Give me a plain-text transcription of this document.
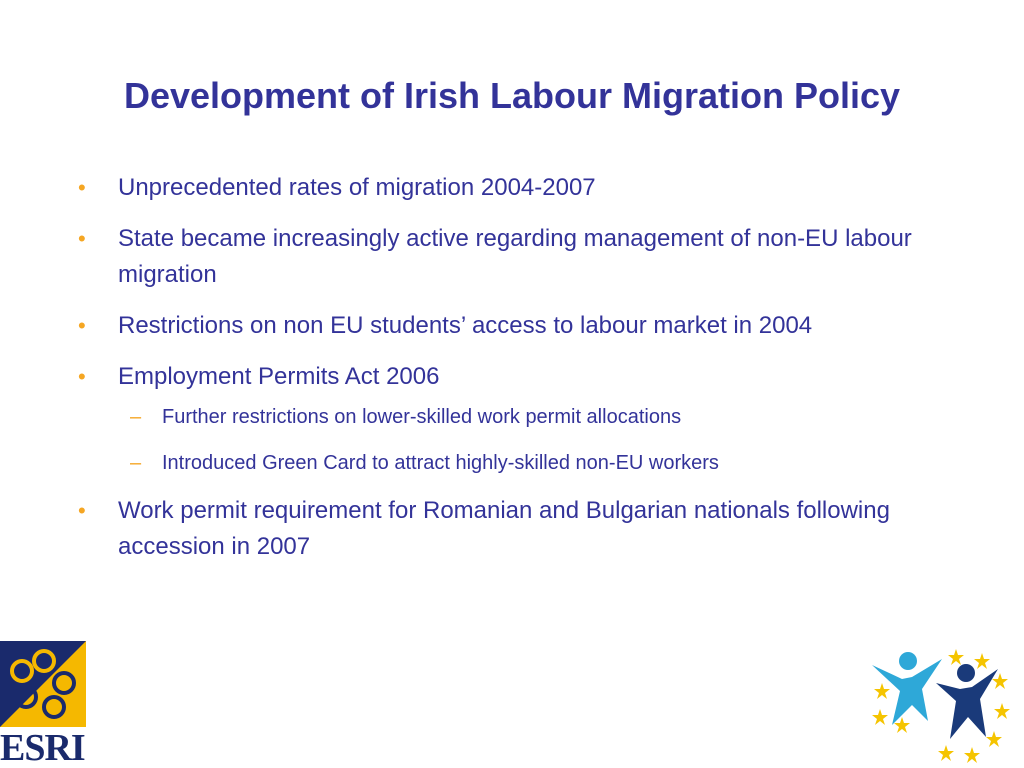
Development of Irish Labour Migration Policy
•	Unprecedented rates of migration 2004-2007
•	State became increasingly active regarding management of non-EU labour migration
•	Restrictions on non EU students’ access to labour market in 2004
•	Employment Permits Act 2006
– Further restrictions on lower-skilled work permit allocations
– Introduced Green Card to attract highly-skilled non-EU workers
•	Work permit requirement for Romanian and Bulgarian nationals following accession in 2007
ESRI
